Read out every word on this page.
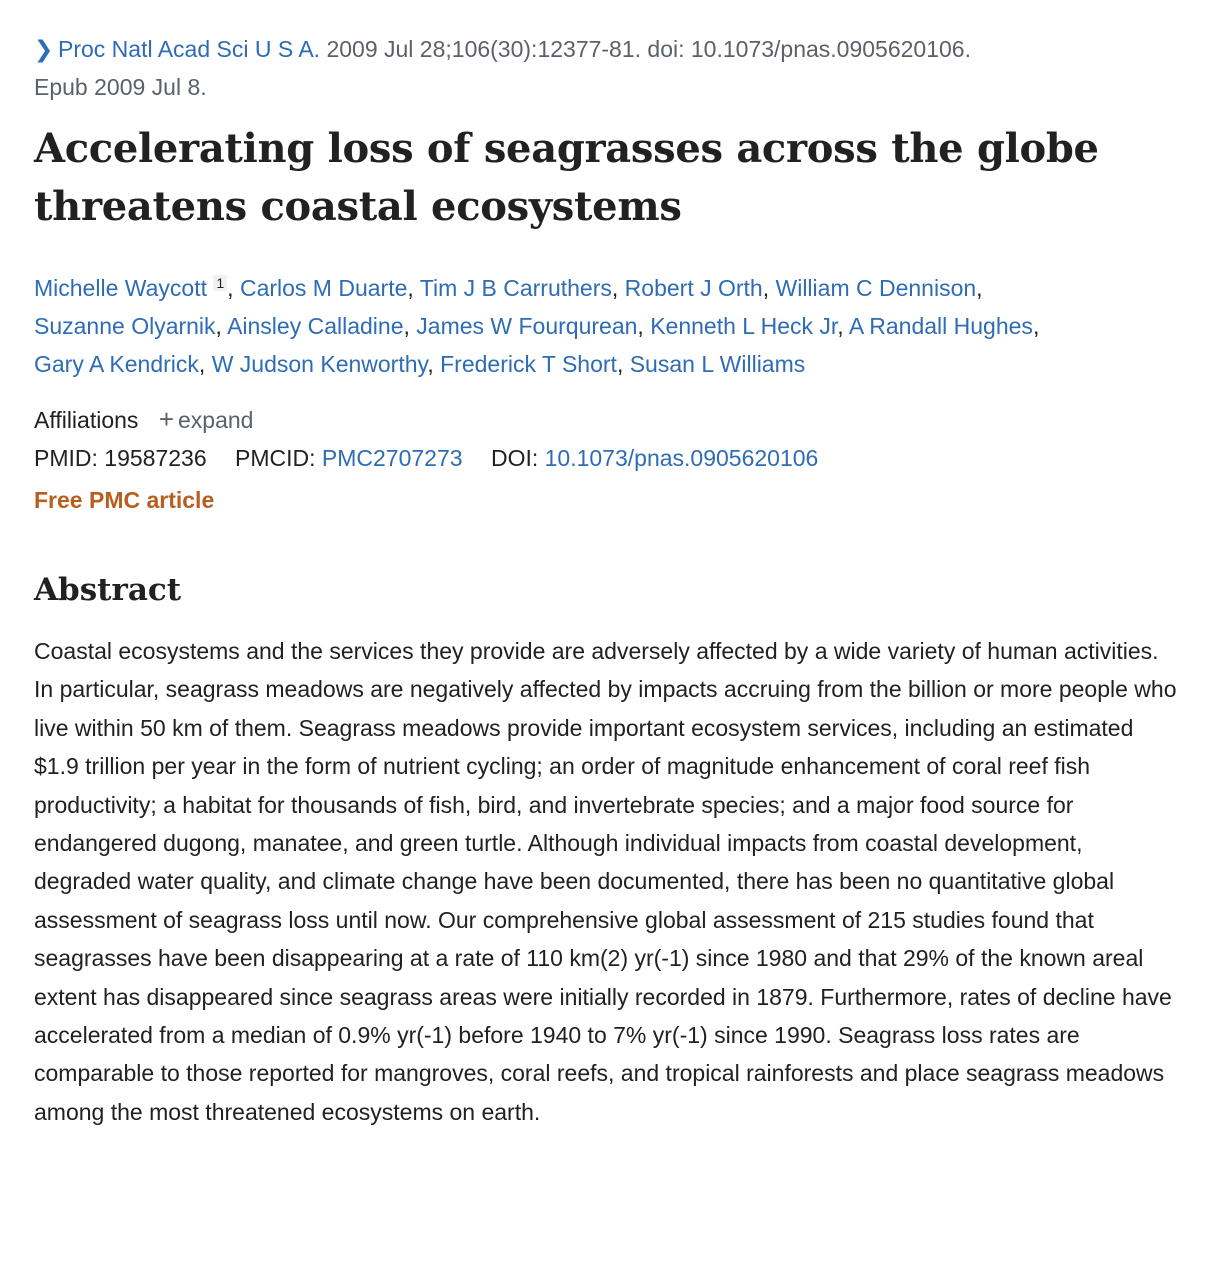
❯ Proc Natl Acad Sci U S A. 2009 Jul 28;106(30):12377-81. doi: 10.1073/pnas.0905620106.
Epub 2009 Jul 8.
Accelerating loss of seagrasses across the globe threatens coastal ecosystems
Michelle Waycott $^1$ , Carlos M Duarte, Tim J B Carruthers, Robert J Orth, William C Dennison,
Suzanne Olyarnik, Ainsley Calladine, James W Fourqurean, Kenneth L Heck Jr, A Randall Hughes,
Gary A Kendrick, W Judson Kenworthy, Frederick T Short, Susan L Williams
Affiliations + expand
PMID: 19587236 PMCID: PMC2707273 DOI: 10.1073/pnas.0905620106
Free PMC article
Abstract
Coastal ecosystems and the services they provide are adversely affected by a wide variety of human activities. In particular, seagrass meadows are negatively affected by impacts accruing from the billion or more people who live within 50 km of them. Seagrass meadows provide important ecosystem services, including an estimated $1.9 trillion per year in the form of nutrient cycling; an order of magnitude enhancement of coral reef fish productivity; a habitat for thousands of fish, bird, and invertebrate species; and a major food source for endangered dugong, manatee, and green turtle. Although individual impacts from coastal development, degraded water quality, and climate change have been documented, there has been no quantitative global assessment of seagrass loss until now. Our comprehensive global assessment of 215 studies found that seagrasses have been disappearing at a rate of 110 km(2) yr(-1) since 1980 and that 29% of the known areal extent has disappeared since seagrass areas were initially recorded in 1879. Furthermore, rates of decline have accelerated from a median of 0.9% yr(-1) before 1940 to 7% yr(-1) since 1990. Seagrass loss rates are comparable to those reported for mangroves, coral reefs, and tropical rainforests and place seagrass meadows among the most threatened ecosystems on earth.
